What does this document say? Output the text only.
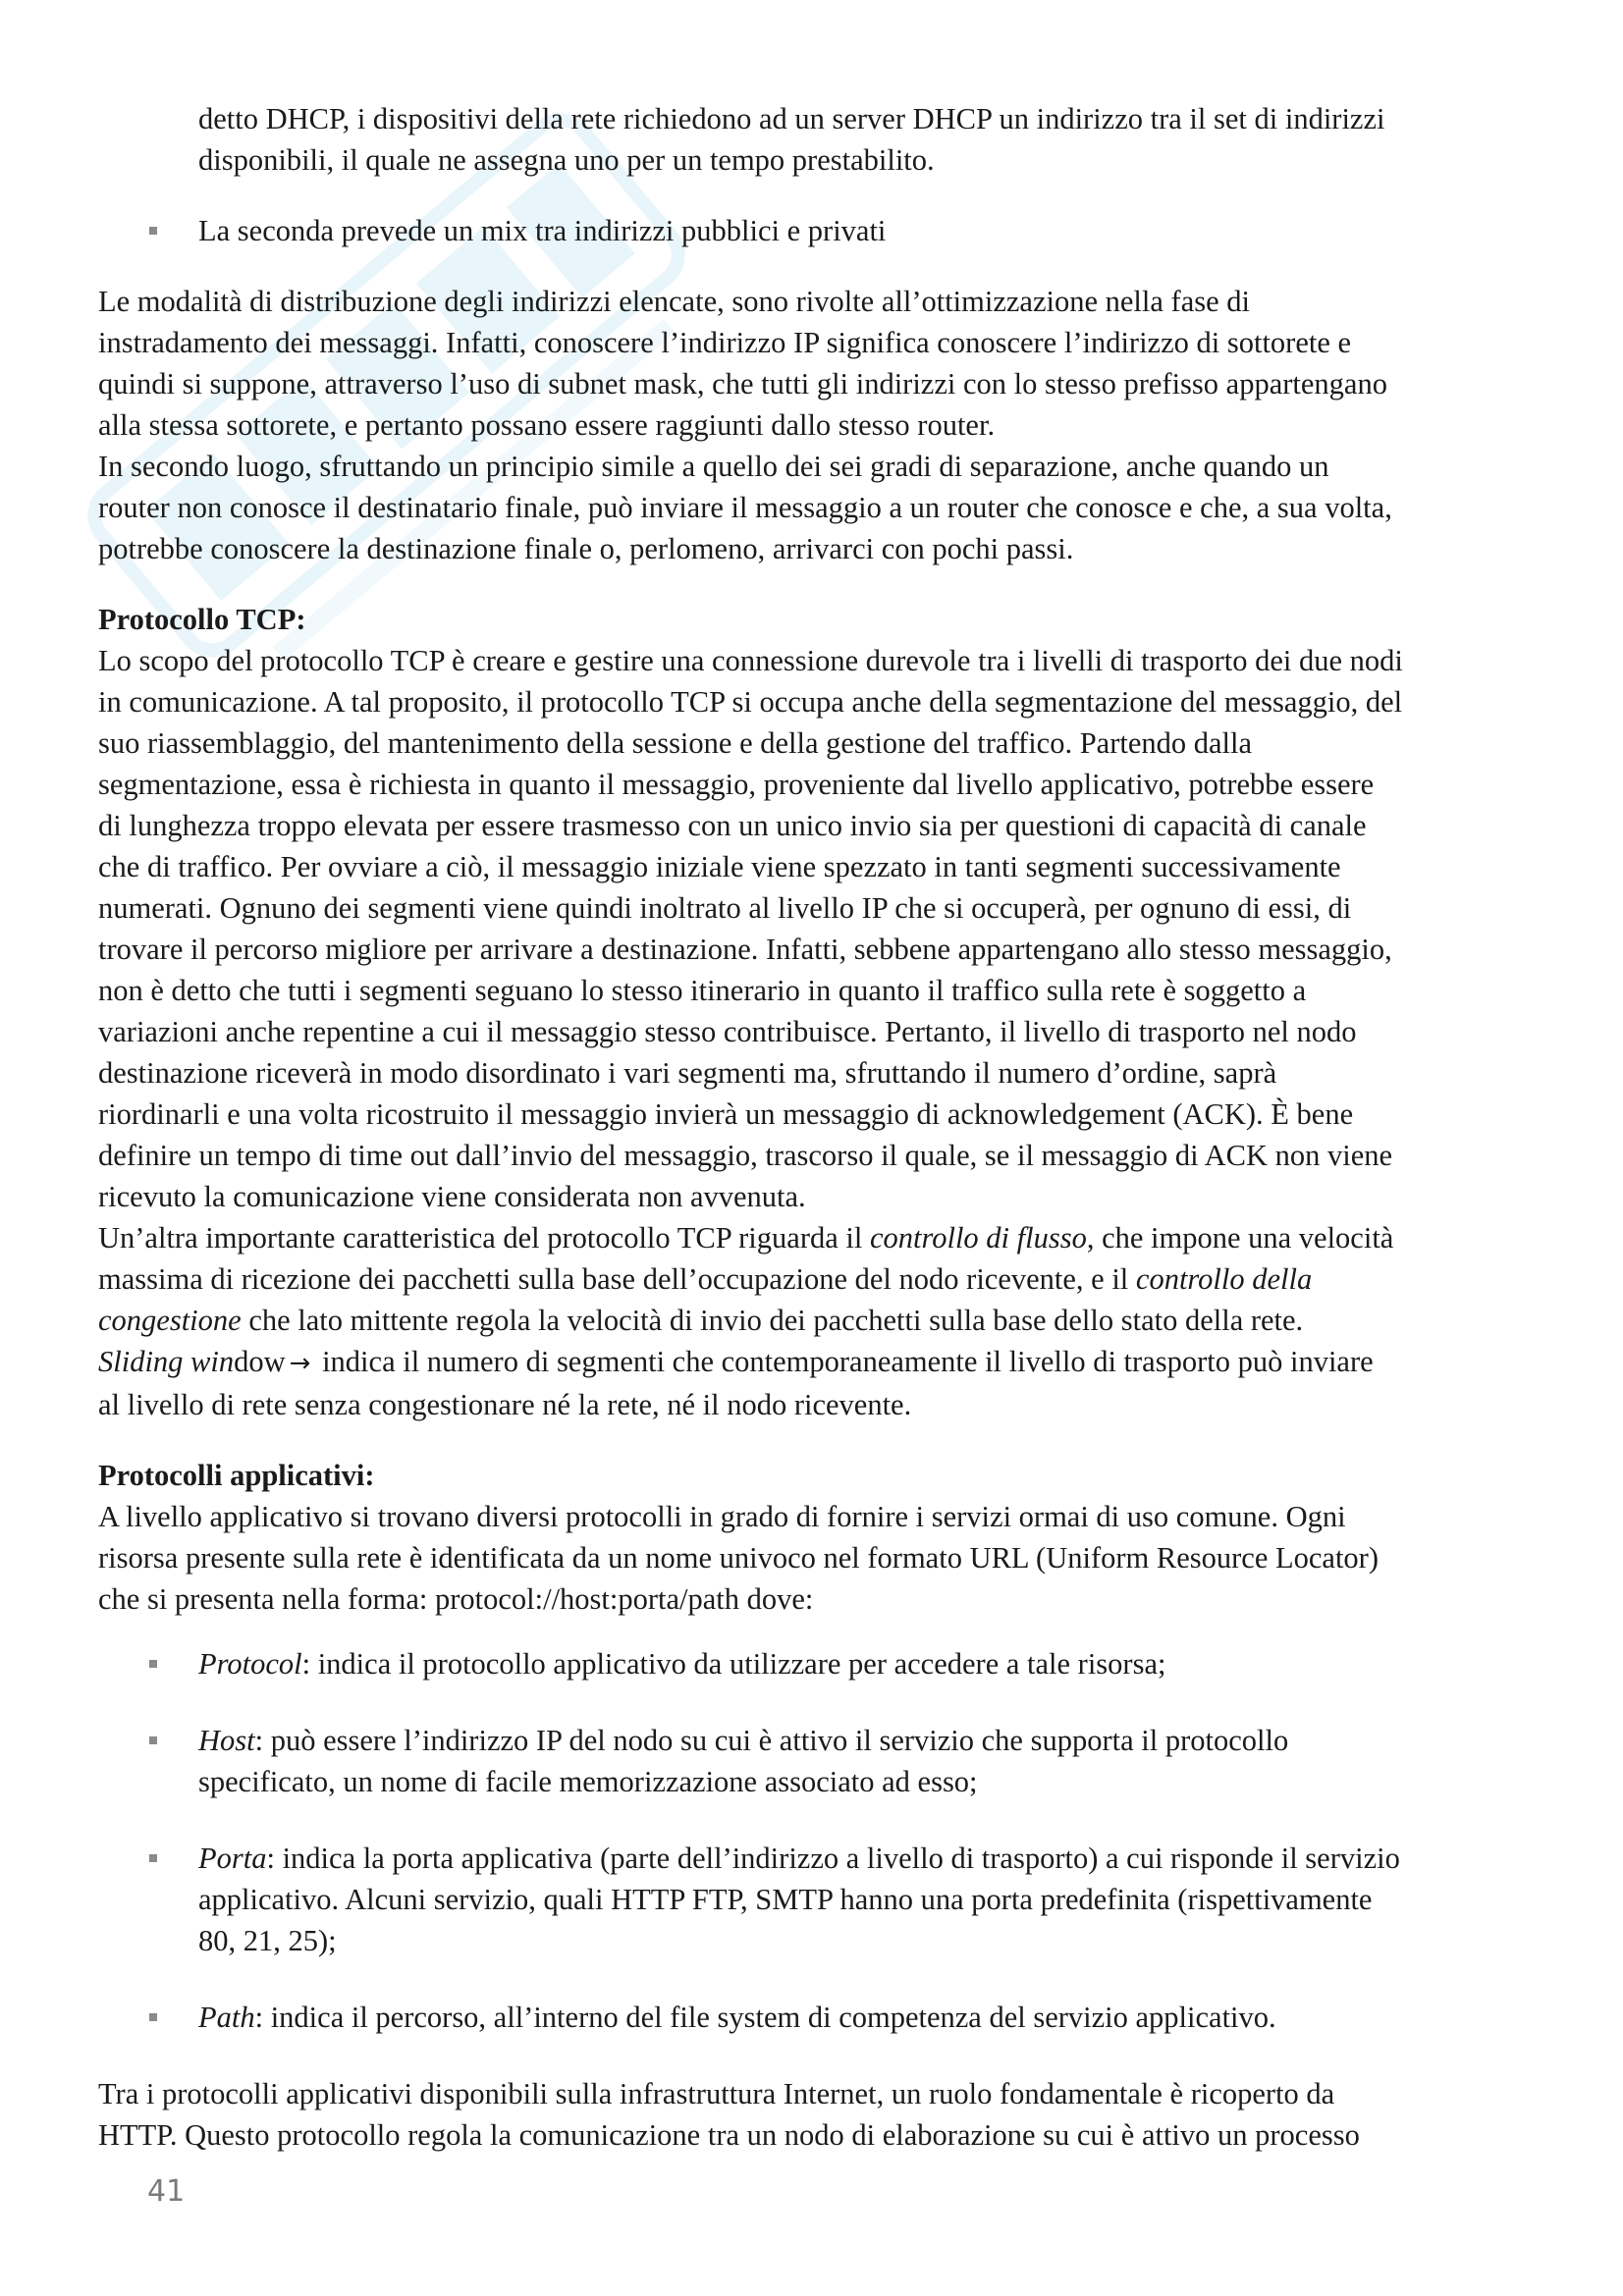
detto DHCP, i dispositivi della rete richiedono ad un server DHCP un indirizzo tra il set di indirizzi
disponibili, il quale ne assegna uno per un tempo prestabilito.

La seconda prevede un mix tra indirizzi pubblici e privati

Le modalità di distribuzione degli indirizzi elencate, sono rivolte all’ottimizzazione nella fase di
instradamento dei messaggi. Infatti, conoscere l’indirizzo IP significa conoscere l’indirizzo di sottorete e
quindi si suppone, attraverso l’uso di subnet mask, che tutti gli indirizzi con lo stesso prefisso appartengano
alla stessa sottorete, e pertanto possano essere raggiunti dallo stesso router.
In secondo luogo, sfruttando un principio simile a quello dei sei gradi di separazione, anche quando un
router non conosce il destinatario finale, può inviare il messaggio a un router che conosce e che, a sua volta,
potrebbe conoscere la destinazione finale o, perlomeno, arrivarci con pochi passi.

Protocollo TCP:

Lo scopo del protocollo TCP è creare e gestire una connessione durevole tra i livelli di trasporto dei due nodi
in comunicazione. A tal proposito, il protocollo TCP si occupa anche della segmentazione del messaggio, del
suo riassemblaggio, del mantenimento della sessione e della gestione del traffico. Partendo dalla
segmentazione, essa è richiesta in quanto il messaggio, proveniente dal livello applicativo, potrebbe essere
di lunghezza troppo elevata per essere trasmesso con un unico invio sia per questioni di capacità di canale
che di traffico. Per ovviare a ciò, il messaggio iniziale viene spezzato in tanti segmenti successivamente
numerati. Ognuno dei segmenti viene quindi inoltrato al livello IP che si occuperà, per ognuno di essi, di
trovare il percorso migliore per arrivare a destinazione. Infatti, sebbene appartengano allo stesso messaggio,
non è detto che tutti i segmenti seguano lo stesso itinerario in quanto il traffico sulla rete è soggetto a
variazioni anche repentine a cui il messaggio stesso contribuisce. Pertanto, il livello di trasporto nel nodo
destinazione riceverà in modo disordinato i vari segmenti ma, sfruttando il numero d’ordine, saprà
riordinarli e una volta ricostruito il messaggio invierà un messaggio di acknowledgement (ACK). È bene
definire un tempo di time out dall’invio del messaggio, trascorso il quale, se il messaggio di ACK non viene
ricevuto la comunicazione viene considerata non avvenuta.

Un’altra importante caratteristica del protocollo TCP riguarda il controllo di flusso, che impone una velocità
massima di ricezione dei pacchetti sulla base dell’occupazione del nodo ricevente, e il controllo della
congestione che lato mittente regola la velocità di invio dei pacchetti sulla base dello stato della rete.

Sliding window → indica il numero di segmenti che contemporaneamente il livello di trasporto può inviare
al livello di rete senza congestionare né la rete, né il nodo ricevente.

Protocolli applicativi:

A livello applicativo si trovano diversi protocolli in grado di fornire i servizi ormai di uso comune. Ogni
risorsa presente sulla rete è identificata da un nome univoco nel formato URL (Uniform Resource Locator)
che si presenta nella forma: protocol://host:porta/path dove:

Protocol: indica il protocollo applicativo da utilizzare per accedere a tale risorsa;

Host: può essere l’indirizzo IP del nodo su cui è attivo il servizio che supporta il protocollo
specificato, un nome di facile memorizzazione associato ad esso;

Porta: indica la porta applicativa (parte dell’indirizzo a livello di trasporto) a cui risponde il servizio
applicativo. Alcuni servizio, quali HTTP FTP, SMTP hanno una porta predefinita (rispettivamente
80, 21, 25);

Path: indica il percorso, all’interno del file system di competenza del servizio applicativo.

Tra i protocolli applicativi disponibili sulla infrastruttura Internet, un ruolo fondamentale è ricoperto da
HTTP. Questo protocollo regola la comunicazione tra un nodo di elaborazione su cui è attivo un processo

41
